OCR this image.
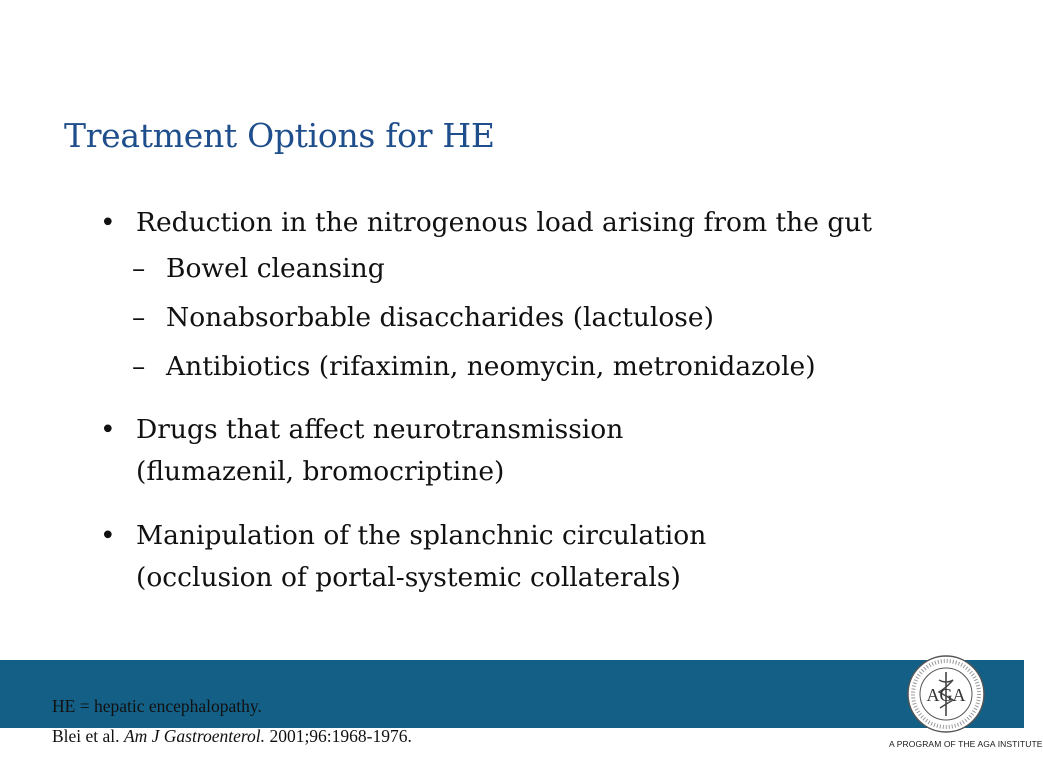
Treatment Options for HE
• Reduction in the nitrogenous load arising from the gut
– Bowel cleansing
– Nonabsorbable disaccharides (lactulose)
– Antibiotics (rifaximin, neomycin, metronidazole)
• Drugs that affect neurotransmission
(flumazenil, bromocriptine)
• Manipulation of the splanchnic circulation
(occlusion of portal-systemic collaterals)
HE = hepatic encephalopathy.
Blei et al. Am J Gastroenterol. 2001;96:1968-1976.
AGA
A PROGRAM OF THE AGA INSTITUTE
